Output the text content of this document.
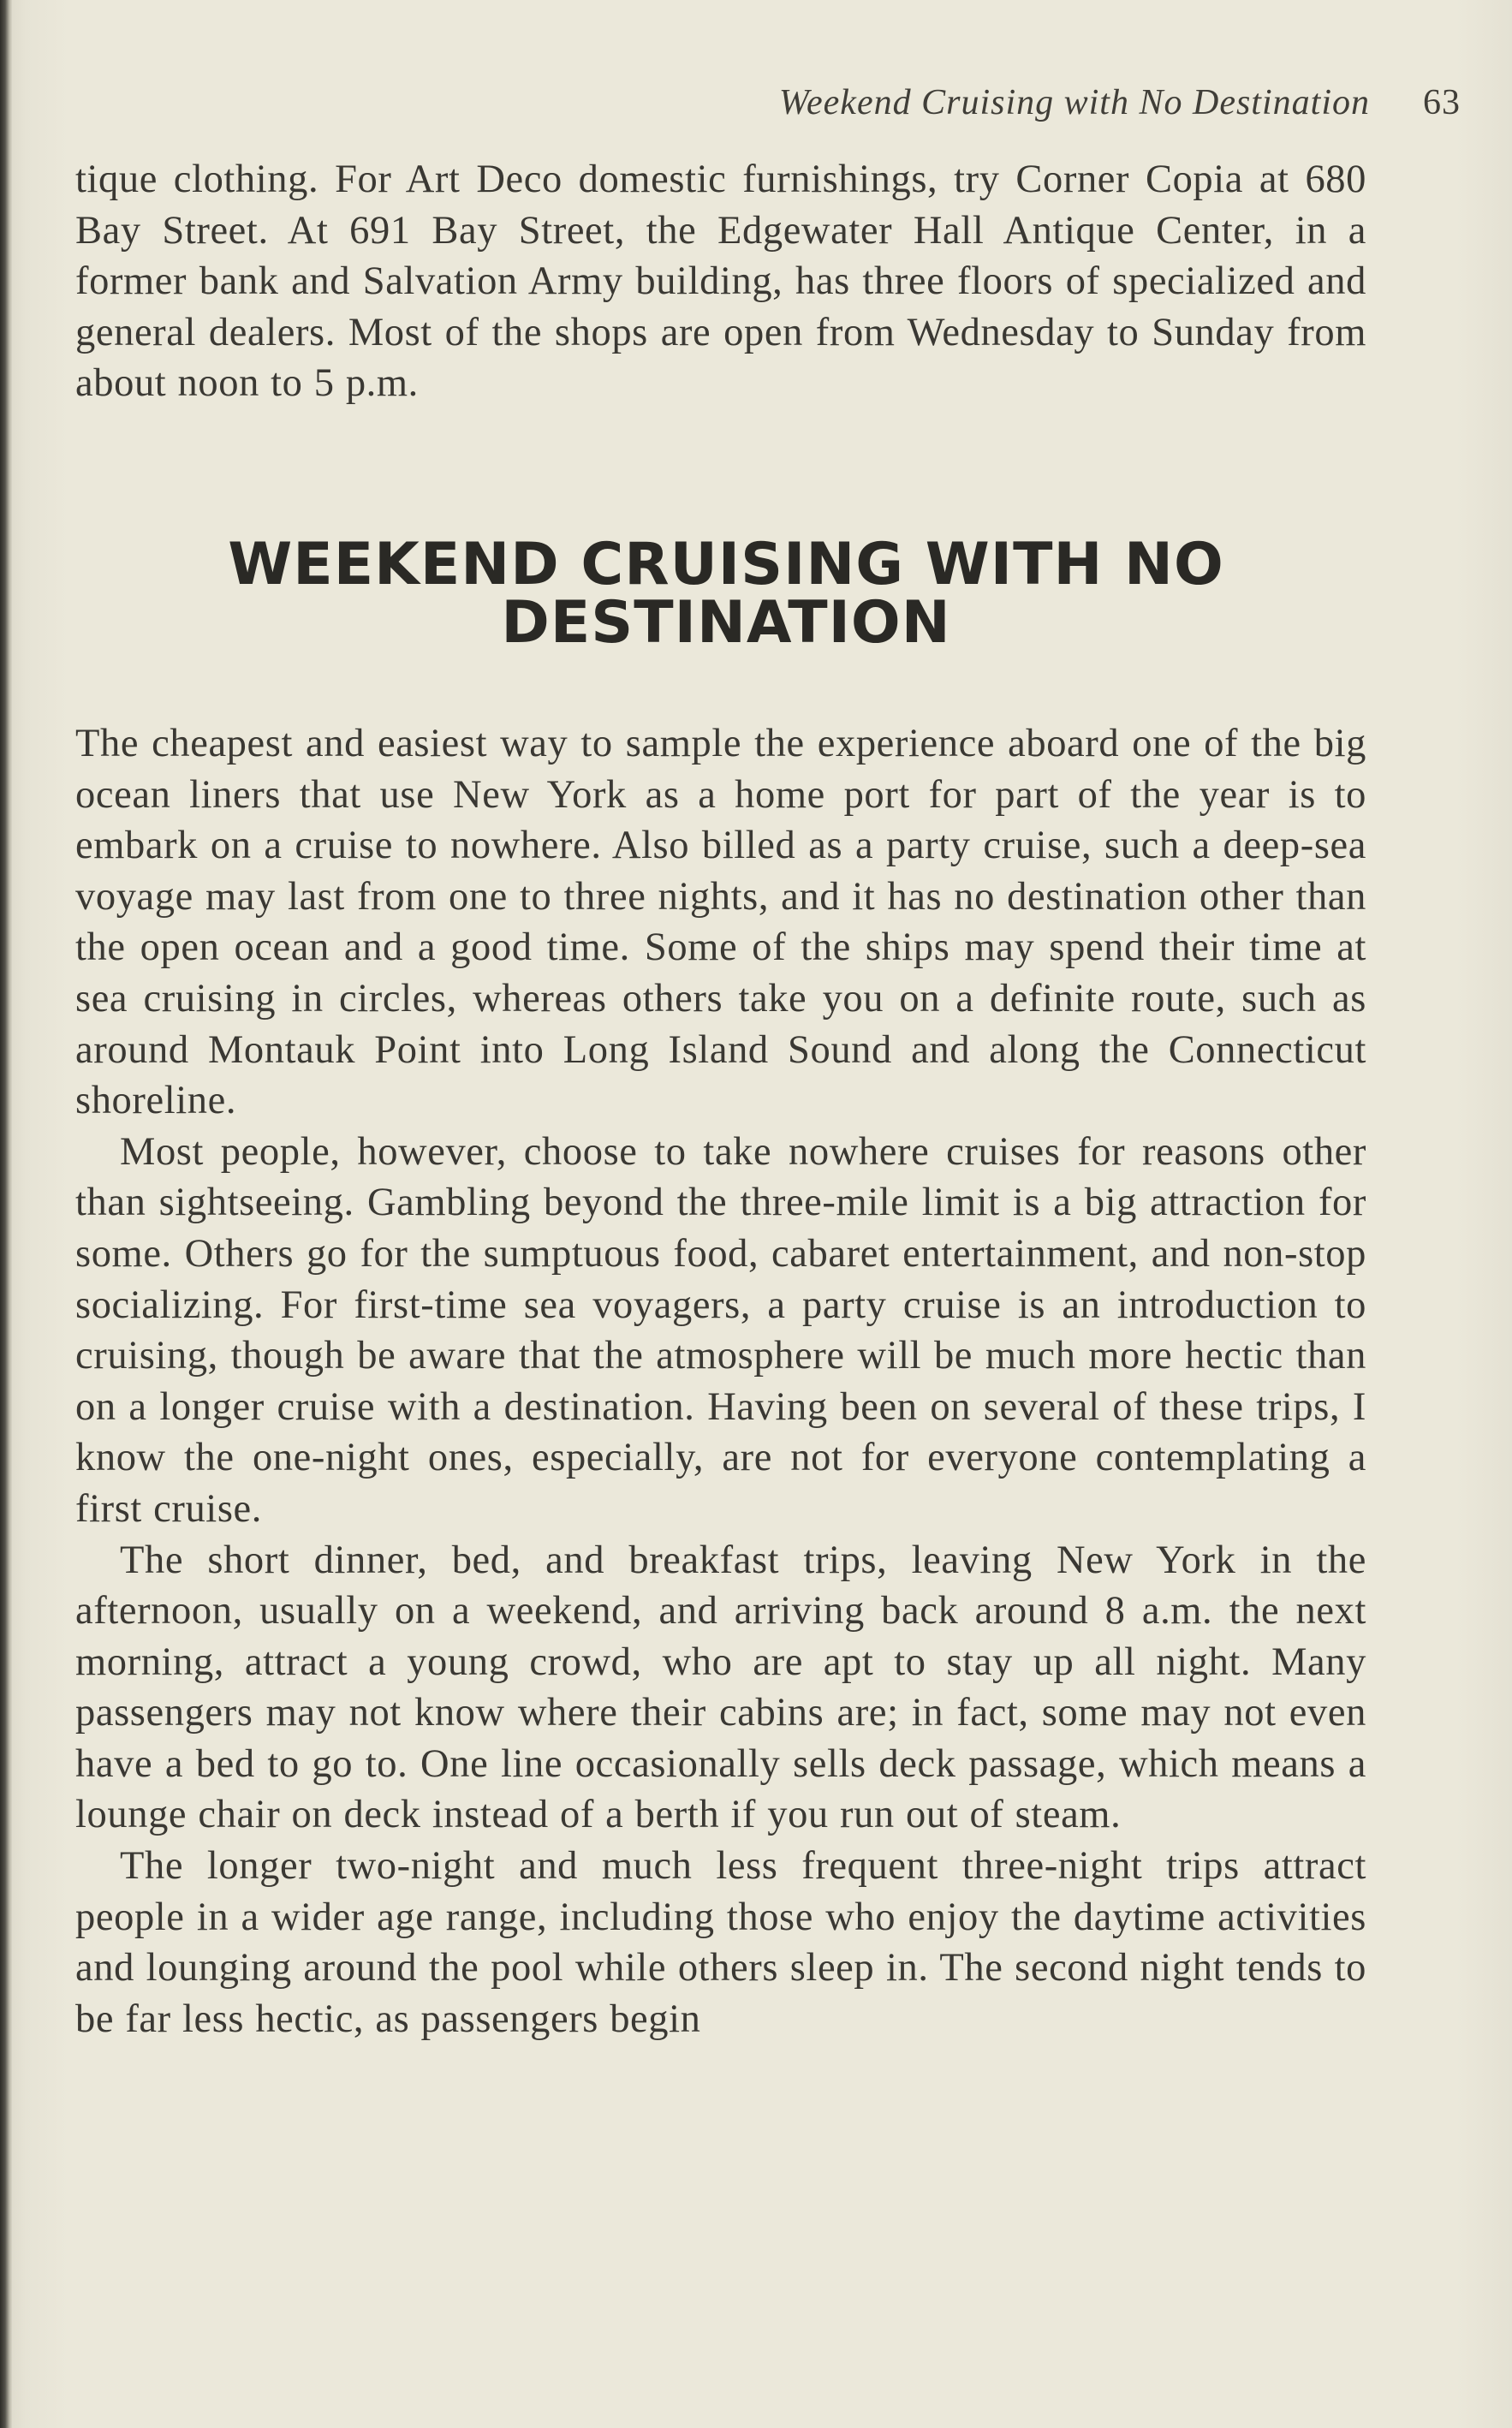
Weekend Cruising with No Destination 63

tique clothing. For Art Deco domestic furnishings, try Corner Copia at 680 Bay Street. At 691 Bay Street, the Edgewater Hall Antique Center, in a former bank and Salvation Army building, has three floors of specialized and general dealers. Most of the shops are open from Wednesday to Sunday from about noon to 5 p.m.

WEEKEND CRUISING WITH NO
DESTINATION

The cheapest and easiest way to sample the experience aboard one of the big ocean liners that use New York as a home port for part of the year is to embark on a cruise to nowhere. Also billed as a party cruise, such a deep-sea voyage may last from one to three nights, and it has no destination other than the open ocean and a good time. Some of the ships may spend their time at sea cruising in circles, whereas others take you on a definite route, such as around Montauk Point into Long Island Sound and along the Connecticut shoreline.

Most people, however, choose to take nowhere cruises for reasons other than sightseeing. Gambling beyond the three-mile limit is a big attraction for some. Others go for the sumptuous food, cabaret entertainment, and non-stop socializing. For first-time sea voyagers, a party cruise is an introduction to cruising, though be aware that the atmosphere will be much more hectic than on a longer cruise with a destination. Having been on several of these trips, I know the one-night ones, especially, are not for everyone contemplating a first cruise.

The short dinner, bed, and breakfast trips, leaving New York in the afternoon, usually on a weekend, and arriving back around 8 a.m. the next morning, attract a young crowd, who are apt to stay up all night. Many passengers may not know where their cabins are; in fact, some may not even have a bed to go to. One line occasionally sells deck passage, which means a lounge chair on deck instead of a berth if you run out of steam.

The longer two-night and much less frequent three-night trips attract people in a wider age range, including those who enjoy the daytime activities and lounging around the pool while others sleep in. The second night tends to be far less hectic, as passengers begin
